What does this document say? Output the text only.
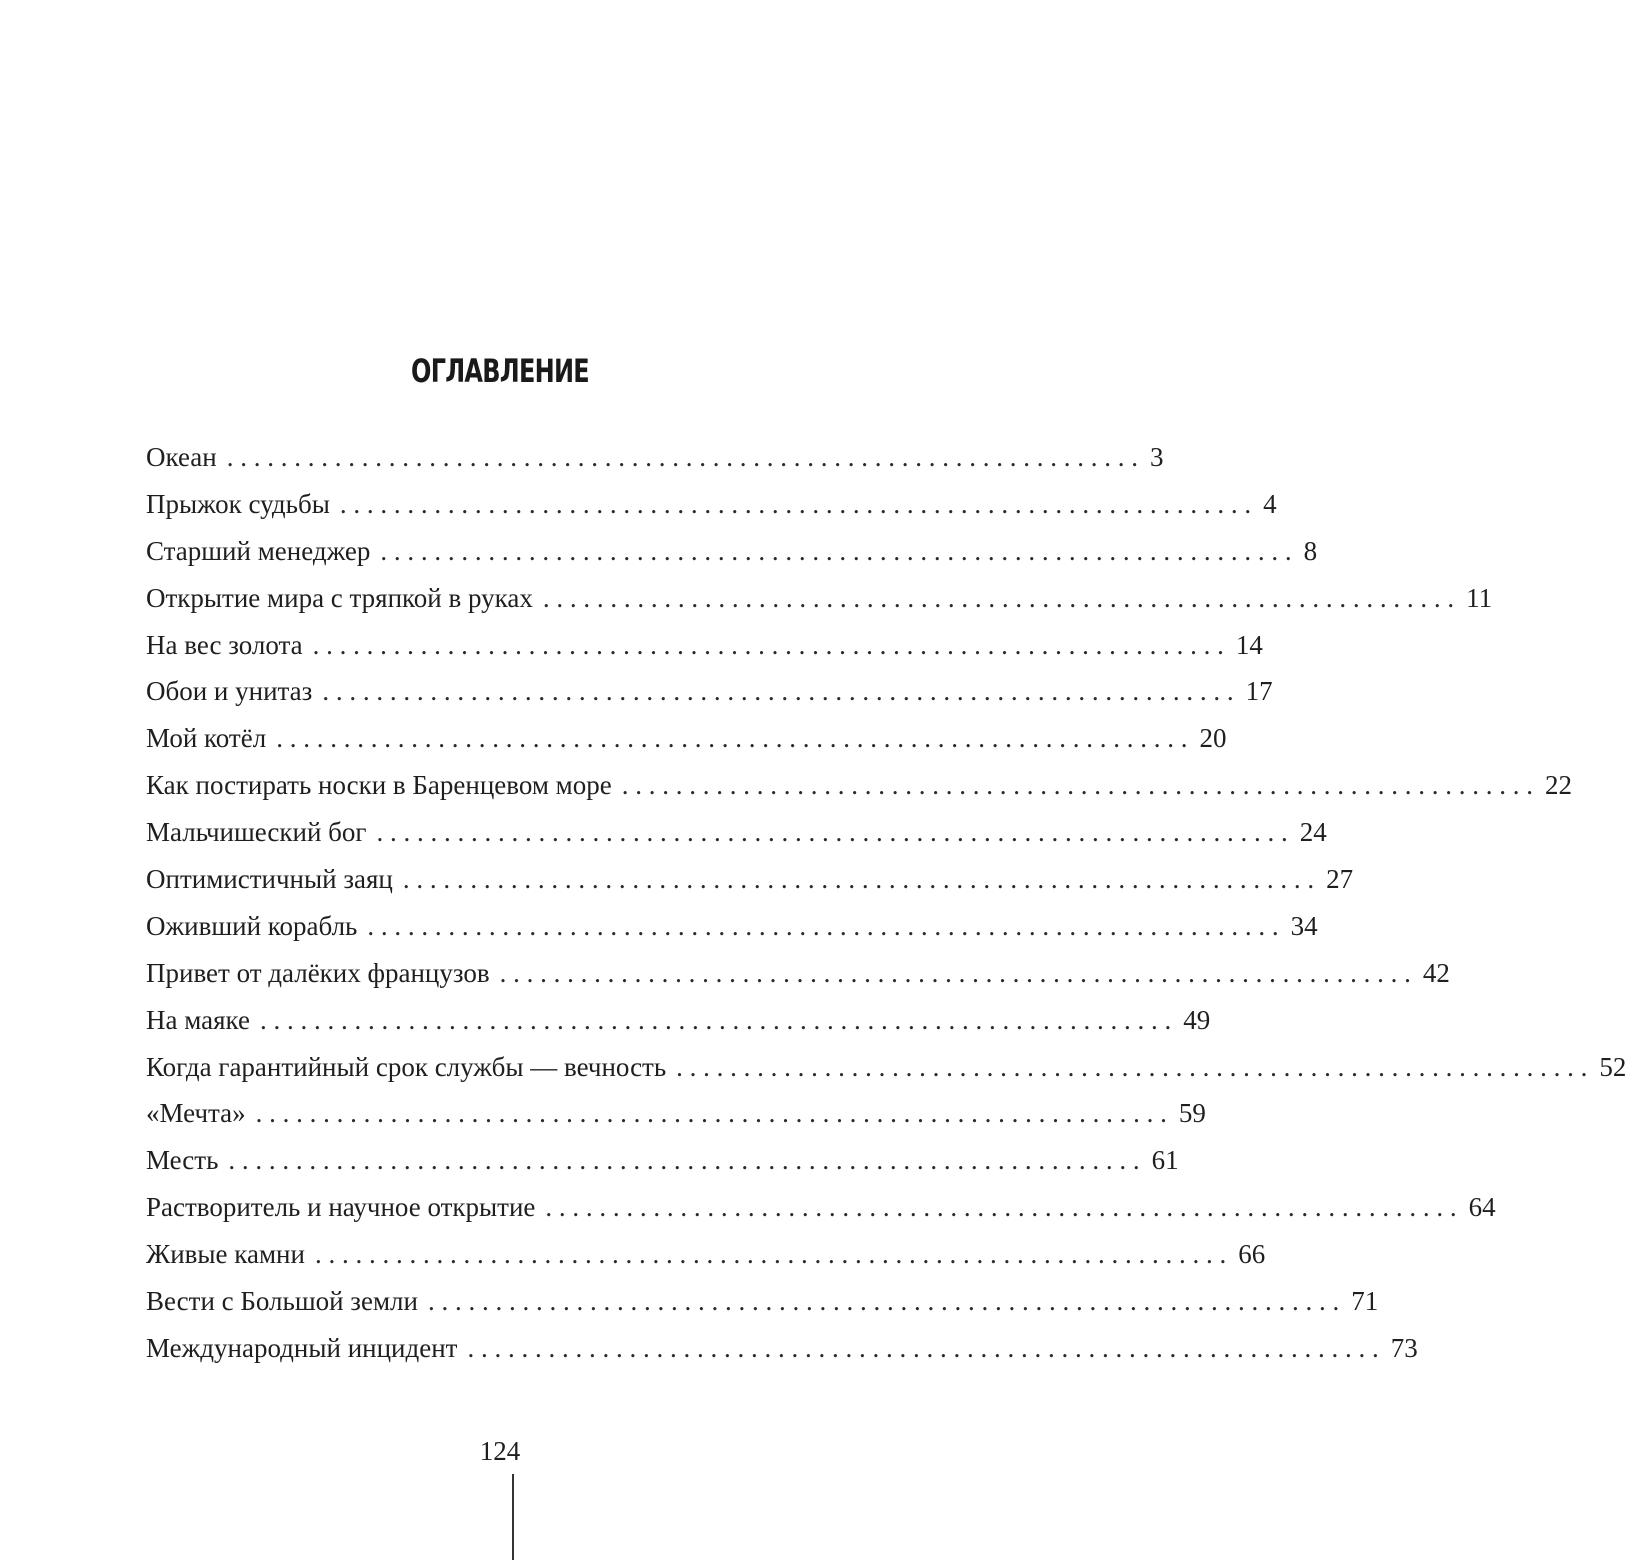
ОГЛАВЛЕНИЕ
Океан . . . . . . . . . . . . . . . . . . . . . . . . . . . . . . . . . . . . . . . . . . . . . . . . . . . . . . . . . . . . . . . . . . . . 3
Прыжок судьбы . . . . . . . . . . . . . . . . . . . . . . . . . . . . . . . . . . . . . . . . . . . . . . . . . . . . . . . . . . . . . . . . . . . . 4
Старший менеджер . . . . . . . . . . . . . . . . . . . . . . . . . . . . . . . . . . . . . . . . . . . . . . . . . . . . . . . . . . . . . . . . . . . . 8
Открытие мира с тряпкой в руках . . . . . . . . . . . . . . . . . . . . . . . . . . . . . . . . . . . . . . . . . . . . . . . . . . . . . . . . . . . . . . . . . . . . 11
На вес золота . . . . . . . . . . . . . . . . . . . . . . . . . . . . . . . . . . . . . . . . . . . . . . . . . . . . . . . . . . . . . . . . . . . . 14
Обои и унитаз . . . . . . . . . . . . . . . . . . . . . . . . . . . . . . . . . . . . . . . . . . . . . . . . . . . . . . . . . . . . . . . . . . . . 17
Мой котёл . . . . . . . . . . . . . . . . . . . . . . . . . . . . . . . . . . . . . . . . . . . . . . . . . . . . . . . . . . . . . . . . . . . . 20
Как постирать носки в Баренцевом море . . . . . . . . . . . . . . . . . . . . . . . . . . . . . . . . . . . . . . . . . . . . . . . . . . . . . . . . . . . . . . . . . . . . 22
Мальчишеский бог . . . . . . . . . . . . . . . . . . . . . . . . . . . . . . . . . . . . . . . . . . . . . . . . . . . . . . . . . . . . . . . . . . . . 24
Оптимистичный заяц . . . . . . . . . . . . . . . . . . . . . . . . . . . . . . . . . . . . . . . . . . . . . . . . . . . . . . . . . . . . . . . . . . . . 27
Оживший корабль . . . . . . . . . . . . . . . . . . . . . . . . . . . . . . . . . . . . . . . . . . . . . . . . . . . . . . . . . . . . . . . . . . . . 34
Привет от далёких французов . . . . . . . . . . . . . . . . . . . . . . . . . . . . . . . . . . . . . . . . . . . . . . . . . . . . . . . . . . . . . . . . . . . . 42
На маяке . . . . . . . . . . . . . . . . . . . . . . . . . . . . . . . . . . . . . . . . . . . . . . . . . . . . . . . . . . . . . . . . . . . . 49
Когда гарантийный срок службы — вечность . . . . . . . . . . . . . . . . . . . . . . . . . . . . . . . . . . . . . . . . . . . . . . . . . . . . . . . . . . . . . . . . . . . . 52
«Мечта» . . . . . . . . . . . . . . . . . . . . . . . . . . . . . . . . . . . . . . . . . . . . . . . . . . . . . . . . . . . . . . . . . . . . 59
Месть . . . . . . . . . . . . . . . . . . . . . . . . . . . . . . . . . . . . . . . . . . . . . . . . . . . . . . . . . . . . . . . . . . . . 61
Растворитель и научное открытие . . . . . . . . . . . . . . . . . . . . . . . . . . . . . . . . . . . . . . . . . . . . . . . . . . . . . . . . . . . . . . . . . . . . 64
Живые камни . . . . . . . . . . . . . . . . . . . . . . . . . . . . . . . . . . . . . . . . . . . . . . . . . . . . . . . . . . . . . . . . . . . . 66
Вести с Большой земли . . . . . . . . . . . . . . . . . . . . . . . . . . . . . . . . . . . . . . . . . . . . . . . . . . . . . . . . . . . . . . . . . . . . 71
Международный инцидент . . . . . . . . . . . . . . . . . . . . . . . . . . . . . . . . . . . . . . . . . . . . . . . . . . . . . . . . . . . . . . . . . . . . 73
124
